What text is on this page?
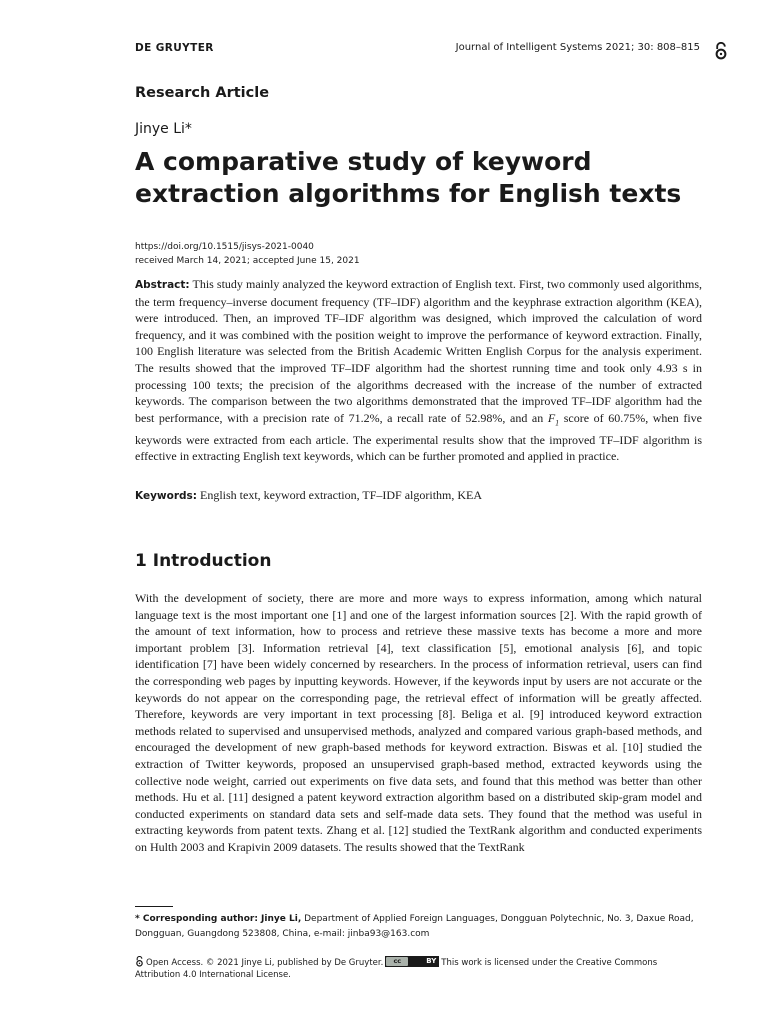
DE GRUYTER	Journal of Intelligent Systems 2021; 30: 808–815
Research Article
Jinye Li*
A comparative study of keyword extraction algorithms for English texts
https://doi.org/10.1515/jisys-2021-0040
received March 14, 2021; accepted June 15, 2021

Abstract: This study mainly analyzed the keyword extraction of English text. First, two commonly used algorithms, the term frequency–inverse document frequency (TF–IDF) algorithm and the keyphrase extraction algorithm (KEA), were introduced. Then, an improved TF–IDF algorithm was designed, which improved the calculation of word frequency, and it was combined with the position weight to improve the performance of keyword extraction. Finally, 100 English literature was selected from the British Academic Written English Corpus for the analysis experiment. The results showed that the improved TF–IDF algorithm had the shortest running time and took only 4.93 s in processing 100 texts; the precision of the algorithms decreased with the increase of the number of extracted keywords. The comparison between the two algorithms demonstrated that the improved TF–IDF algorithm had the best performance, with a precision rate of 71.2%, a recall rate of 52.98%, and an $F_1$ score of 60.75%, when five keywords were extracted from each article. The experimental results show that the improved TF–IDF algorithm is effective in extracting English text keywords, which can be further promoted and applied in practice.

Keywords: English text, keyword extraction, TF–IDF algorithm, KEA

1 Introduction

With the development of society, there are more and more ways to express information, among which natural language text is the most important one [1] and one of the largest information sources [2]. With the rapid growth of the amount of text information, how to process and retrieve these massive texts has become a more and more important problem [3]. Information retrieval [4], text classification [5], emotional analysis [6], and topic identification [7] have been widely concerned by researchers. In the process of information retrieval, users can find the corresponding web pages by inputting keywords. However, if the keywords input by users are not accurate or the keywords do not appear on the corresponding page, the retrieval effect of information will be greatly affected. Therefore, keywords are very important in text processing [8]. Beliga et al. [9] introduced keyword extraction methods related to supervised and unsupervised methods, analyzed and compared various graph-based methods, and encouraged the development of new graph-based methods for keyword extraction. Biswas et al. [10] studied the extraction of Twitter keywords, proposed an unsupervised graph-based method, extracted keywords using the collective node weight, carried out experiments on five data sets, and found that this method was better than other methods. Hu et al. [11] designed a patent keyword extraction algorithm based on a distributed skip-gram model and conducted experiments on standard data sets and self-made data sets. They found that the method was useful in extracting keywords from patent texts. Zhang et al. [12] studied the TextRank algorithm and conducted experiments on Hulth 2003 and Krapivin 2009 datasets. The results showed that the TextRank

* Corresponding author: Jinye Li, Department of Applied Foreign Languages, Dongguan Polytechnic, No. 3, Daxue Road, Dongguan, Guangdong 523808, China, e-mail: jinba93@163.com

Open Access. © 2021 Jinye Li, published by De Gruyter.	cc	BY This work is licensed under the Creative Commons Attribution 4.0 International License.
